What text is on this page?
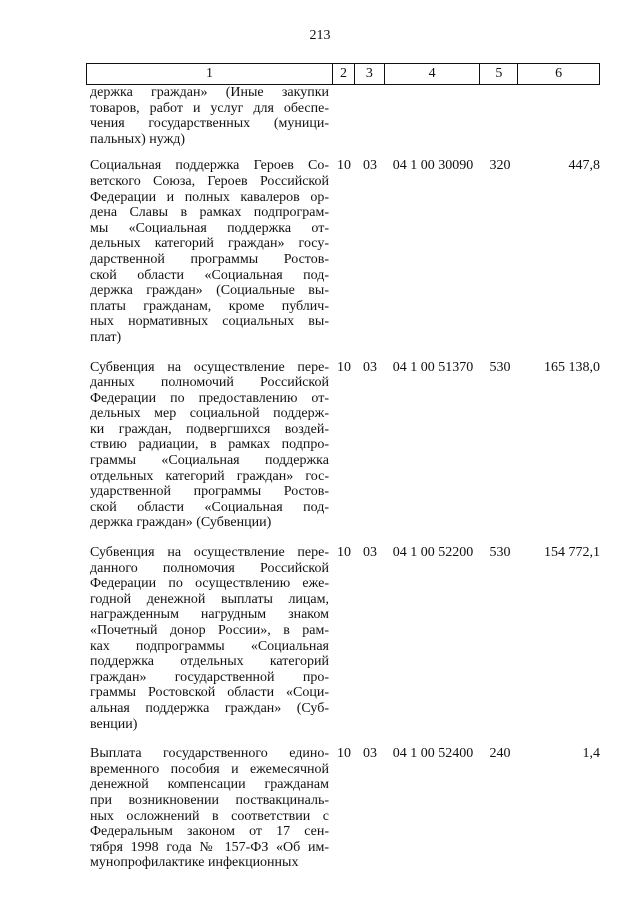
213
1	2	3	4	5	6
держка граждан» (Иные закупки
товаров, работ и услуг для обеспе-
чения государственных (муници-
пальных) нужд)
Социальная поддержка Героев Со-
ветского Союза, Героев Российской
Федерации и полных кавалеров ор-
дена Славы в рамках подпрограм-
мы «Социальная поддержка от-
дельных категорий граждан» госу-
дарственной программы Ростов-
ской области «Социальная под-
держка граждан» (Социальные вы-
платы гражданам, кроме публич-
ных нормативных социальных вы-
плат)
10 03	04 1 00 30090	320	447,8
Субвенция на осуществление пере-
данных полномочий Российской
Федерации по предоставлению от-
дельных мер социальной поддерж-
ки граждан, подвергшихся воздей-
ствию радиации, в рамках подпро-
граммы «Социальная поддержка
отдельных категорий граждан» гос-
ударственной программы Ростов-
ской области «Социальная под-
держка граждан» (Субвенции)
10 03	04 1 00 51370	530	165 138,0
Субвенция на осуществление пере-
данного полномочия Российской
Федерации по осуществлению еже-
годной денежной выплаты лицам,
награжденным нагрудным знаком
«Почетный донор России», в рам-
ках подпрограммы «Социальная
поддержка отдельных категорий
граждан» государственной про-
граммы Ростовской области «Соци-
альная поддержка граждан» (Суб-
венции)
10 03	04 1 00 52200	530	154 772,1
Выплата государственного едино-
временного пособия и ежемесячной
денежной компенсации гражданам
при возникновении поствакциналь-
ных осложнений в соответствии с
Федеральным законом от 17 сен-
тября 1998 года № 157-ФЗ «Об им-
мунопрофилактике инфекционных
10 03	04 1 00 52400	240	1,4
